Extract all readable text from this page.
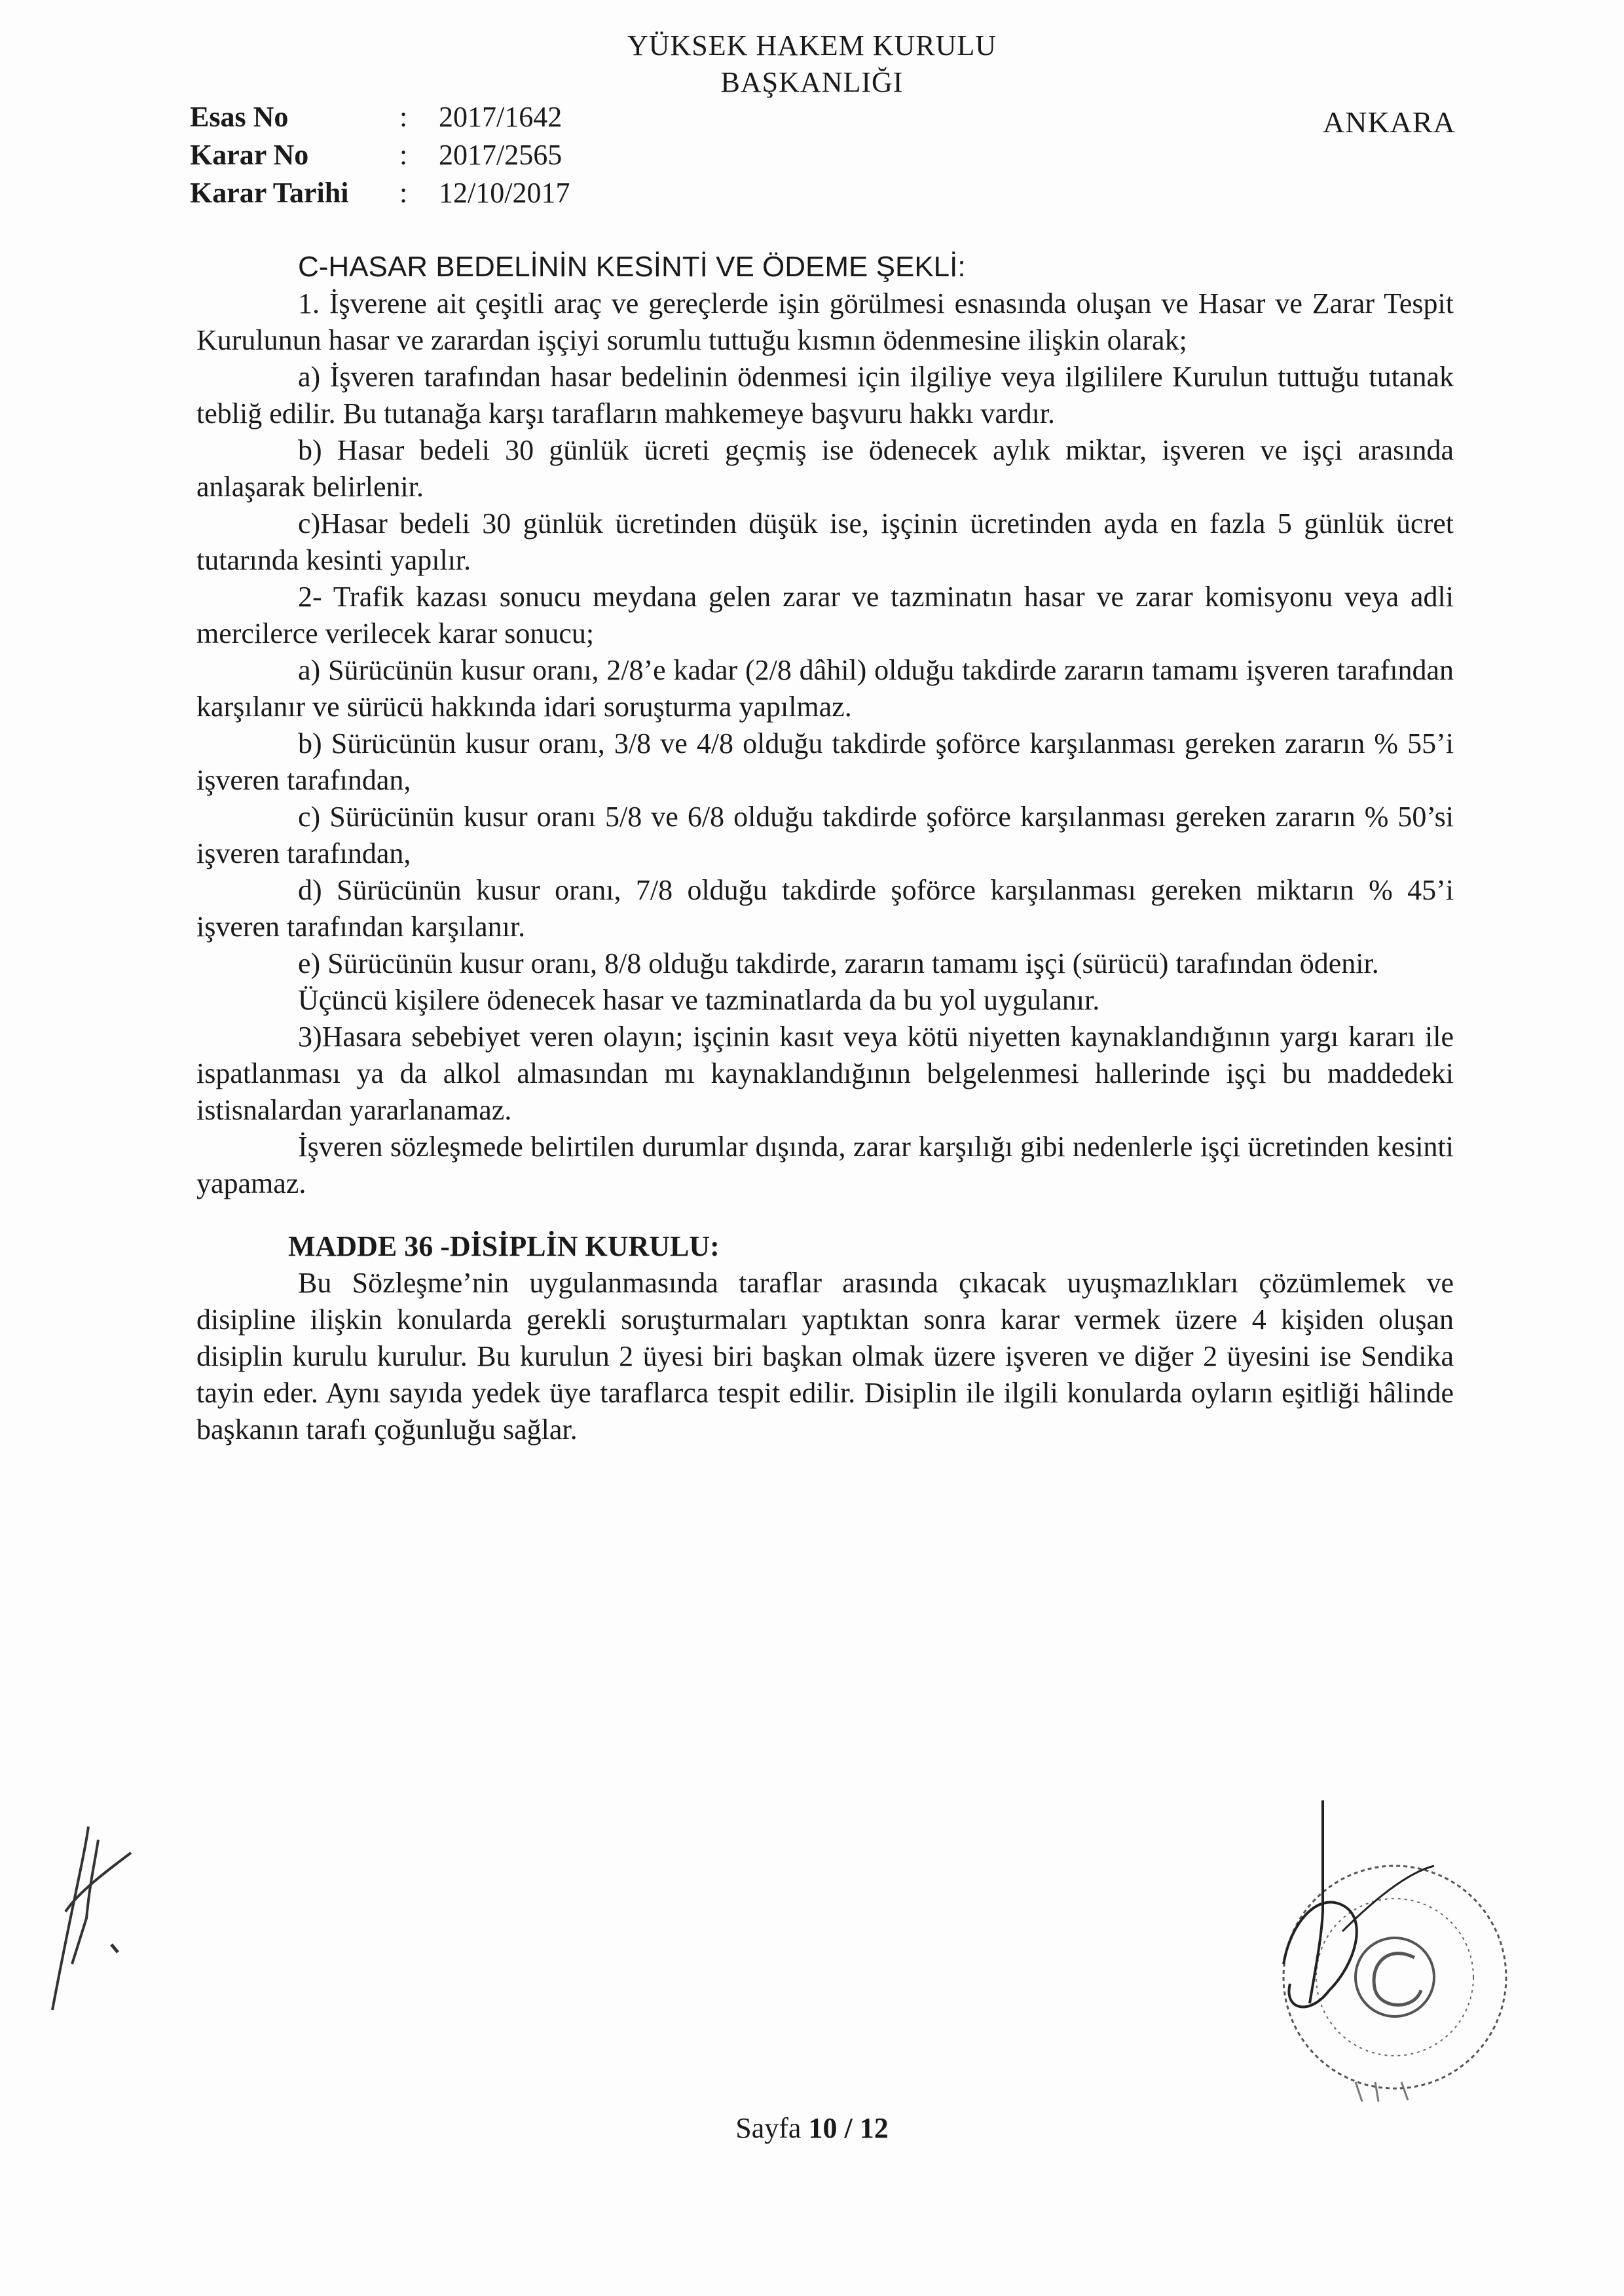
YÜKSEK HAKEM KURULU
BAŞKANLIĞI
Esas No	:	2017/1642
Karar No	:	2017/2565
Karar Tarihi	:	12/10/2017
ANKARA

C-HASAR BEDELİNİN KESİNTİ VE ÖDEME ŞEKLİ:

1. İşverene ait çeşitli araç ve gereçlerde işin görülmesi esnasında oluşan ve Hasar ve Zarar Tespit Kurulunun hasar ve zarardan işçiyi sorumlu tuttuğu kısmın ödenmesine ilişkin olarak;

a) İşveren tarafından hasar bedelinin ödenmesi için ilgiliye veya ilgililere Kurulun tuttuğu tutanak tebliğ edilir. Bu tutanağa karşı tarafların mahkemeye başvuru hakkı vardır.

b) Hasar bedeli 30 günlük ücreti geçmiş ise ödenecek aylık miktar, işveren ve işçi arasında anlaşarak belirlenir.

c)Hasar bedeli 30 günlük ücretinden düşük ise, işçinin ücretinden ayda en fazla 5 günlük ücret tutarında kesinti yapılır.

2- Trafik kazası sonucu meydana gelen zarar ve tazminatın hasar ve zarar komisyonu veya adli mercilerce verilecek karar sonucu;

a) Sürücünün kusur oranı, 2/8’e kadar (2/8 dâhil) olduğu takdirde zararın tamamı işveren tarafından karşılanır ve sürücü hakkında idari soruşturma yapılmaz.

b) Sürücünün kusur oranı, 3/8 ve 4/8 olduğu takdirde şoförce karşılanması gereken zararın % 55’i işveren tarafından,

c) Sürücünün kusur oranı 5/8 ve 6/8 olduğu takdirde şoförce karşılanması gereken zararın % 50’si işveren tarafından,

d) Sürücünün kusur oranı, 7/8 olduğu takdirde şoförce karşılanması gereken miktarın % 45’i işveren tarafından karşılanır.

e) Sürücünün kusur oranı, 8/8 olduğu takdirde, zararın tamamı işçi (sürücü) tarafından ödenir.

Üçüncü kişilere ödenecek hasar ve tazminatlarda da bu yol uygulanır.

3)Hasara sebebiyet veren olayın; işçinin kasıt veya kötü niyetten kaynaklandığının yargı kararı ile ispatlanması ya da alkol almasından mı kaynaklandığının belgelenmesi hallerinde işçi bu maddedeki istisnalardan yararlanamaz.

İşveren sözleşmede belirtilen durumlar dışında, zarar karşılığı gibi nedenlerle işçi ücretinden kesinti yapamaz.

MADDE 36 -DİSİPLİN KURULU:

Bu Sözleşme’nin uygulanmasında taraflar arasında çıkacak uyuşmazlıkları çözümlemek ve disipline ilişkin konularda gerekli soruşturmaları yaptıktan sonra karar vermek üzere 4 kişiden oluşan disiplin kurulu kurulur. Bu kurulun 2 üyesi biri başkan olmak üzere işveren ve diğer 2 üyesini ise Sendika tayin eder. Aynı sayıda yedek üye taraflarca tespit edilir. Disiplin ile ilgili konularda oyların eşitliği hâlinde başkanın tarafı çoğunluğu sağlar.

Sayfa 10 / 12
